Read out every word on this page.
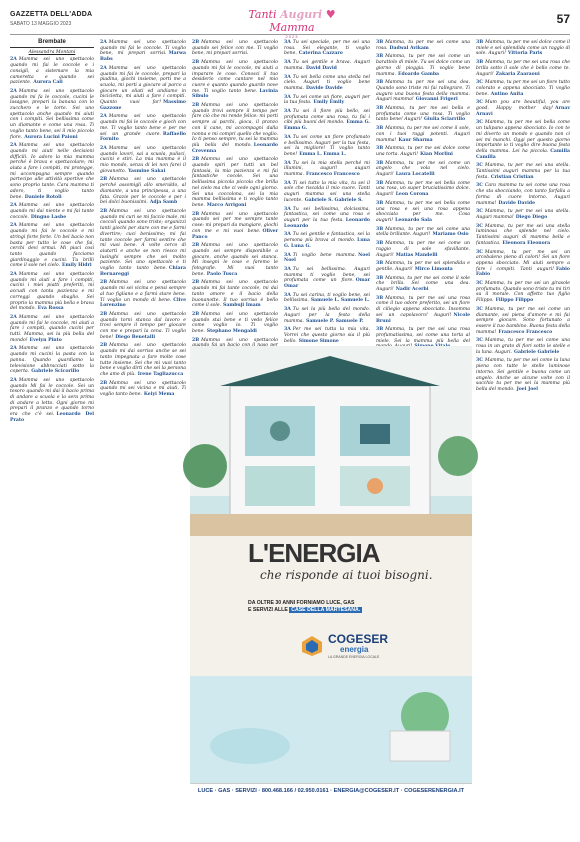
GAZZETTA DELL'ADDA
SABATO 13 MAGGIO 2023
Tanti Auguri ♥ Mamma
2023
57
Brembate
Alessandra Montani

2A Mamma sei uno spettacolo quando mi fai le coccole e i consigli, a sistemare la mia cameretta e quando sei paziente. Aurora Cali

2A Mamma sei uno spettacolo quando mi fa le coccole, cucini le lasagne, prepari la banana con lo zucchero e le torte. Sei uno spettacolo anche quando mi aiuti con i compiti. Sei bellissima come un diamante e come una rosa. Ti voglio tanto bene, sei il mio piccolo fiore. Aurora Lucini Paioni

2A Mamma sei uno spettacolo quando mi aiuti nelle decisioni difficili. Io adoro la mia mamma perché è brava e spettacolare; mi aiuta a fare i compiti, mi protegge, mi accompagna sempre quando partecipo alle attività sportive che sono proprio tante. Cara mamma ti adoro, ti voglio tanto bene. Daniele Rotoli

2A Mamma sei uno spettacolo quando mi dai niente e mi fai tante coccole. Dinguo Lasbe

2A Mamma sei uno spettacolo quando mi fai le coccole e mi stringi forte forte. Un bel bacio non basta per tutto le cose che fai, cerchi devi ormai. Mi piaci così tanto quando facciamo giardinaggio e cucini. Tu brilli come il sole nel cielo. Emily Hidri

2A Mamma sei uno spettacolo quando mi aiuti a fare i compiti, cucini i miei piatti preferiti, mi accudi con tanta pazienza e mi correggi quando sbaglio. Sei proprio la mamma più bella e brava del mondo. Eva Rossa

2A Mamma sei uno spettacolo quando mi fai le coccole, mi aiuti a fare i compiti, quando cucini per tutti. Mamma, sei la più bella del mondo! Evelyn Pinto

2A Mamma sei uno spettacolo quando mi cucini la pasta con la panna. Quando guardiamo la televisione abbracciati sotto la coperta. Gabriele Scicorillo

2A Mamma sei uno spettacolo quando Mi fai le coccole. Sei un tesoro quando mi dai il bacio prima di andare a scuola e la sera prima di andare a letto. Ogni giorno mi prepari il pranzo e quando torno era che c'è sei. Leonardo Del Prato

2A Mamma sei uno spettacolo quando mi fai le coccole. Ti voglio bene, mi prepari sorrisi. Marwa Babs

2A Mamma sei uno spettacolo quando mi fai le coccole, prepari la piadina, giochi insieme, porti me a scuola, mi porti a giocare al parco a giocare un oliati ed andiamo in bicicletta, mi aiuti a fare i compiti. Quanto vuoi far! Massimo Gazzone

2A Mamma sei uno spettacolo quando mi fai le coccole e gioch con me. Ti voglio tanto bene e per me sei un grande cuore. Raffaello Fornito

2A Mamma sei uno spettacolo quando lavori, sai a scuola, pulisci, cucini e stiri. La mia mamma è il mio mondo, senza di lei non farei il giovanotto. Yasmine Sakai

2B Mamma sei uno spettacolo perché assomigli allo smeraldo, al diamante, a una principessa, a una fata. Grazie per le coccole e per i bei dolci buonissimi. Adja Samb

2B Mamma sei uno spettacolo quando mi curi se mi faccio male, mi coccoli quando sono triste; organizzi tanti giochi per stare con me e farmi divertire; cuci benissimo; mi fai tante coccole per farmi sentire che mi vuoi bene. A volte cerco di aiutarti e anche se non riesco mi lusinghi sempre che sei molto paziente. Sei uno spettacolo e ti voglio tanto tanto bene. Chiara Bernareggi

2B Mamma sei uno spettacolo quando mi sei vicina e pensi sempre al tuo figliano e a farmi stare bene. Ti voglio un mondo di bene. Clive Lorenzino

2B Mamma sei uno spettacolo quando torni stanca dal lavoro e trovi sempre il tempo per giocare con me e prepari la cena. Ti voglio bene! Diego Benetalli

2B Mamma sei uno spettacolo quando mi dai sorriso anche se sei tanto impegnata a fare molte cose tutte insieme. Sei che mi vuoi tanto bene e voglio dirti che sei la persona che amo di più. Irene Tagliazucca

2B Mamma sei uno spettacolo quando mi sei vicina e mi aiuti. Ti voglio tanto bene. Keiyi Mema

2B Mamma sei uno spettacolo quando sei felice con me. Ti voglio bene, mi prepari sorrisi.

2B Mamma sei uno spettacolo quando mi fai le coccole, mi aiuti a imparare le cose. Conosci il tuo desiderio come cantare nel mio cuore e quanto quando guardo nove me. Ti voglio tanto bene. Lavinia Sibulo

2B Mamma sei uno spettacolo quando trovi sempre il tempo per fare ciò che mi rende felice: mi porti sempre ai parchi, gioca, il pranzo con il cane, mi accompagni dalla nonna e mi compri quello che voglio. Io ti penso sempre, tu sei la mamma più bella del mondo. Leonardo Crevenna

2B Mamma sei uno spettacolo quando spiri per tutti un bel fantasia, la mia pazienza e mi fai fantastiche cocole. Sei una bellissima piccola piccola che brilla nel cielo ma che ci vede ogni giorno. Sei una coccolona, sei la mia mamma bellissima e ti voglio tanto bene. Marco Arrigoni

2B Mamma sei uno spettacolo quando sei per me sempre tante cose: mi prepari da mangiare, giochi con me e mi vuoi bene. Oliver Panco

2B Mamma sei uno spettacolo quando sei sempre disponibile a giocare, anche quando sei stanca. Mi insegni le cose e faremo le fotografie. Mi vuoi tanto bene. Paolo Tusca

2B Mamma sei uno spettacolo quando mi fai tante coccole, mi dai tanto amore e il bacio della buonanotte. Il tuo sorriso è bello come il sole. Sambuji Imam

2B Mamma sei uno spettacolo quando stai bene e ti vedo felice come voglio io. Ti voglio bene. Stephano Mengaldi

2B Mamma sei uno spettacolo

3A Tu sei speciale, per me sei una rosa. Sei elegante, ti voglio bene. Caterina Cazzaro

3A Tu sei gentile e brava. Auguri mamma. David David

3A Tu sei bella come una stella nel cielo. Auguri ti voglio bene mamma. Davide Davide

3A Tu sei come un fiore, auguri per la tua festa. Emily Emily

3A Tu sei il fiore più bello, sei profumata come una rosa, tu fai i cibi più buoni del mondo. Emma G. Emma G.

3A Tu sei come un fiore profumato e bellissimo. Auguri per la tua festa, sei la migliore! Ti voglio tanto bene! Emma L. Emma L.

3A Tu sei la mia stella perché mi illumini, auguri! auguri mamma. Francesco Francesco

3A Ti sei tutto la mia vita, tu sei il sole che riscalda il mio cuore. Tanti auguri mamma sei una stella lucente. Gabriele S. Gabriele S.

3A Tu sei bellissima, dolcissima, fantastica, sei come una rosa e auguri per la tua festa. Leonardo Leonardo

3A Tu sei gentile e fantastica, sei la persona più brava al mondo. Luna G. Luna G.

3A Ti voglio bene mamma. Noel Noel

3A Tu sei bellissima. Auguri mamma ti voglio bene, sei profumata come un fiore. Omar Omar

3A Tu sei carina, ti voglio bene, sei bellissima. Samuele L. Samuele L.

3A Tu sei la più bella del mondo. Auguri per la festa della mamma. Samuele P. Samuele P.

3A Per me sei tutta la mia vita. Vorrei che questo giorno sia il più bello. Simone Simone

3B Mamma, tu per me sei come una rosa. Dadwal Avikam

3B Mamma, tu per me sei come un barattolo di miele. Tu sei dolce come un giorno di pioggia. Ti voglio bene mamma. Edoardo Gamba

3B Mamma tu per me sei una dea. Quando sono triste mi fai rallegrare. Ti auguro una buona festa della mamma. Auguri mamma! Giovanni Frigeri

3B Mamma, tu per me sei bella e profumata come una rosa. Ti voglio tanto bene! Auguri! Giulia Sciarrillo

3B Mamma, tu per me sei come il sole, con i tuoi raggi potenti. Auguri mamma! Kaur Sharma

3B Mamma, tu per me sei dolce come una torta. Auguri! Kian Morlini

3B Mamma, tu per me sei come un angelo che vola nel cielo. Auguri! Laura Locatelli

3B Mamma, tu per me sei bella come una rosa, un super bruciatissimo dolce. Auguri! Leon Corona

3B Mamma, tu per me sei bella come una rosa e sei una rosa appena sbocciata per me. Cosa auguri! Leonardo Sala

3B Mamma, tu per me sei come una stella brillante. Auguri! Mariamo Osio

3B Mamma, tu per me sei come un raggio di sole sfavillante. Auguri! Matias Mandelli

3B Mamma, tu per me sei splendida e gentile. Auguri! Mirco Limonta

3B Mamma, tu per me sei come il sole che brilla. Sei come una dea. Auguri! Nadir Acerbi

3B Mamma, tu per me sei una rosa come il tuo odore preferito, sei un fiore di ciliegio appena sbocciato. Insomma sei un capolavoro! Auguri! Nicole Bruni

3B Mamma, tu per me sei una rosa profumatissima, sei come una torta al miele. Sei la mamma più bella del

3B Mamma, tu per me sei dolce come il miele e sei splendida come un raggio di sole. Auguri! Vittoria Paris

3B Mamma, tu per me sei una rosa che brilla sotto il sole che è bello come te. Auguri! Zakaria Zaaraoui

3C Mamma, tu per me sei un fiore tutto colorato e appena sbocciato. Ti voglio bene. Antino Anita

3C Mum you are beautiful, you are good. Happy mother day! Arnav Arnavi

3C Mamma, tu per me sei bella come un tulipano appena sbocciato. Io con te mi diverto un mondo e quando non ci sei mi manchi. Oggi per questo giorno importante io ti voglio dire buona festa della mamma. Lei ha piccola. Camilla Camilla

3C Mamma, tu per me sei una stella. Tantissimi auguri mamma per la tua festa. Cristian Cristian

3C Cara mamma tu sei come una rosa che sta sbocciando, con tanto farfalla a forma di cuore intorno. Auguri mamma! Davide Davide

3C Mamma, tu per me sei una stella. Auguri mamma! Diego Diego

3C Mamma, tu per me sei una stella luminosa che splende nel cielo. Tantissimi auguri di mamma bella e fantastica. Eleonora Eleonora

3C Mamma, tu per me sei un arcobaleno pieno di colori! Sei un fiore appena sbocciato. Mi aiuti sempre a fare i compiti. Tanti auguri! Fabio Fabio

3C Mamma, tu per me sei un girasole profumato. Quando sono triste tu mi tiri su il morale. Con affetto tuo figlio Filippo. Filippo Filippo

3C Mamma, tu per me sei come un diamante, sei piena d'amore e mi fai sempre giocare. Sono fortunato a essere il tuo bambino. Buona festa della mamma! Francesco Francesco

3C Mamma, tu per me sei come una rosa in un grato di fiori sotto le stelle e la luna. Auguri. Gabriele Gabriele

3C Mamma, tu per me sei come la luna piena con tutte le stelle luminose intorno. Sei gentile e buona come un angelo. Anche se alcune volte con il sacchio tu per me sei la mamma più bella del mondo. Joel Joel

L'ENERGIA
che risponde ai tuoi bisogni.
DA OLTRE 30 ANNI FORNIAMO LUCE, GAS
E SERVIZI ALLE CASE DELLA MARTESANA.
COGESER
energia
LA GRANDE ENERGIA LOCALE
LUCE · GAS · SERVIZI · 800.468.166 / 02.950.0161 · ENERGIA@COGESER.IT · COGESERENERGIA.IT
